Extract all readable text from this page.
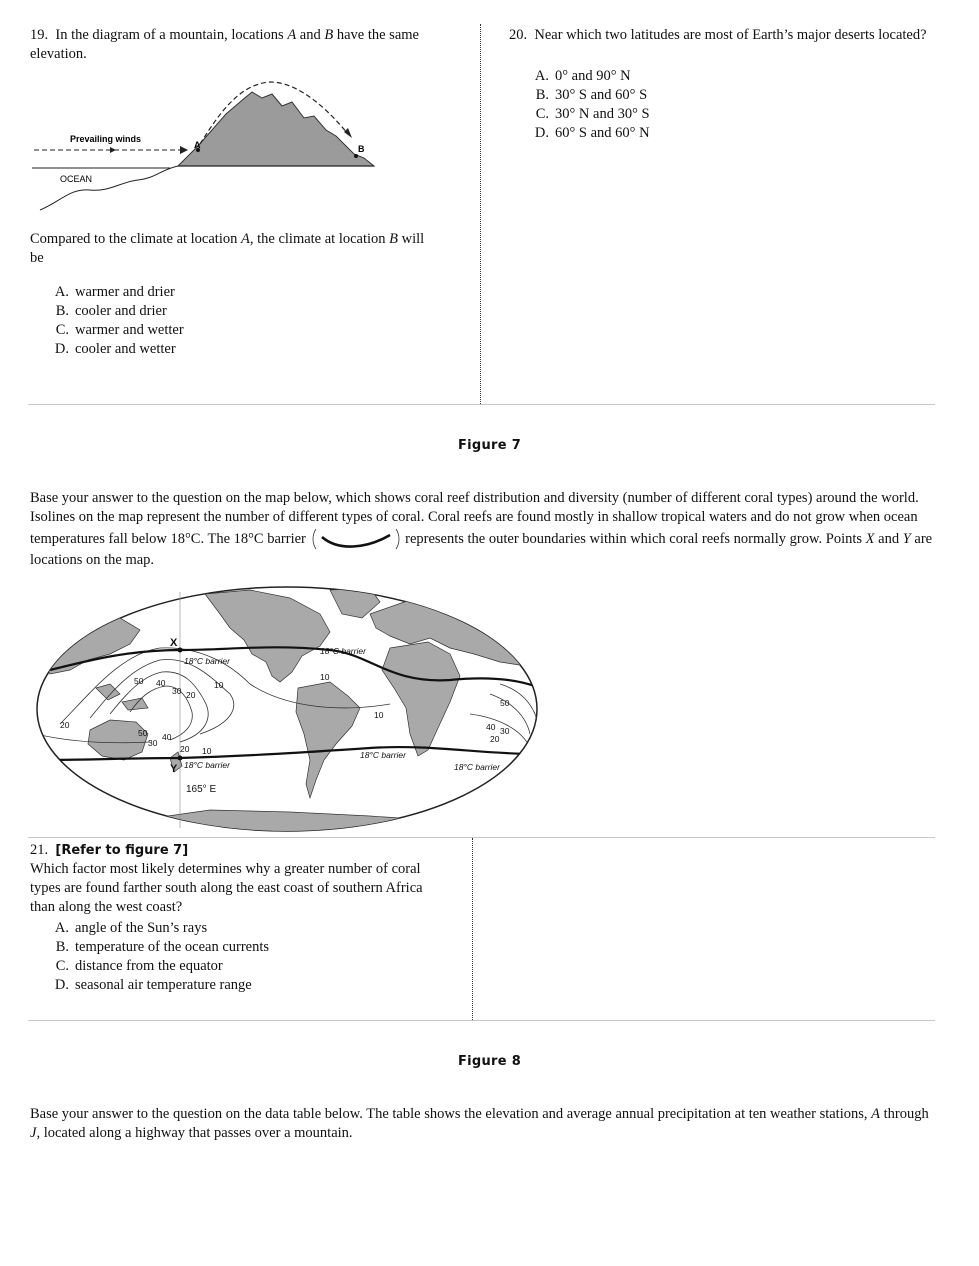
19. In the diagram of a mountain, locations A and B have the same elevation.
Prevailing winds
OCEAN
A	B
Compared to the climate at location A, the climate at location B will be
A. warmer and drier
B. cooler and drier
C. warmer and wetter
D. cooler and wetter
20. Near which two latitudes are most of Earth’s major deserts located?
A. 0° and 90° N
B. 30° S and 60° S
C. 30° N and 30° S
D. 60° S and 60° N
Figure 7
Base your answer to the question on the map below, which shows coral reef distribution and diversity (number of different coral types) around the world. Isolines on the map represent the number of different types of coral. Coral reefs are found mostly in shallow tropical waters and do not grow when ocean temperatures fall below 18°C. The 18°C barrier	represents the outer boundaries within which coral reefs normally grow. Points X and Y are locations on the map.
X
Y
18°C barrier
18°C barrier
18°C barrier
18°C barrier
18°C barrier
165° E
10
20
30
40
50
10
20
30
40
50
10
40 30
20
50
10
20
21. [Refer to figure 7]
Which factor most likely determines why a greater number of coral types are found farther south along the east coast of southern Africa than along the west coast?
A. angle of the Sun’s rays
B. temperature of the ocean currents
C. distance from the equator
D. seasonal air temperature range
Figure 8
Base your answer to the question on the data table below. The table shows the elevation and average annual precipitation at ten weather stations, A through J, located along a highway that passes over a mountain.
